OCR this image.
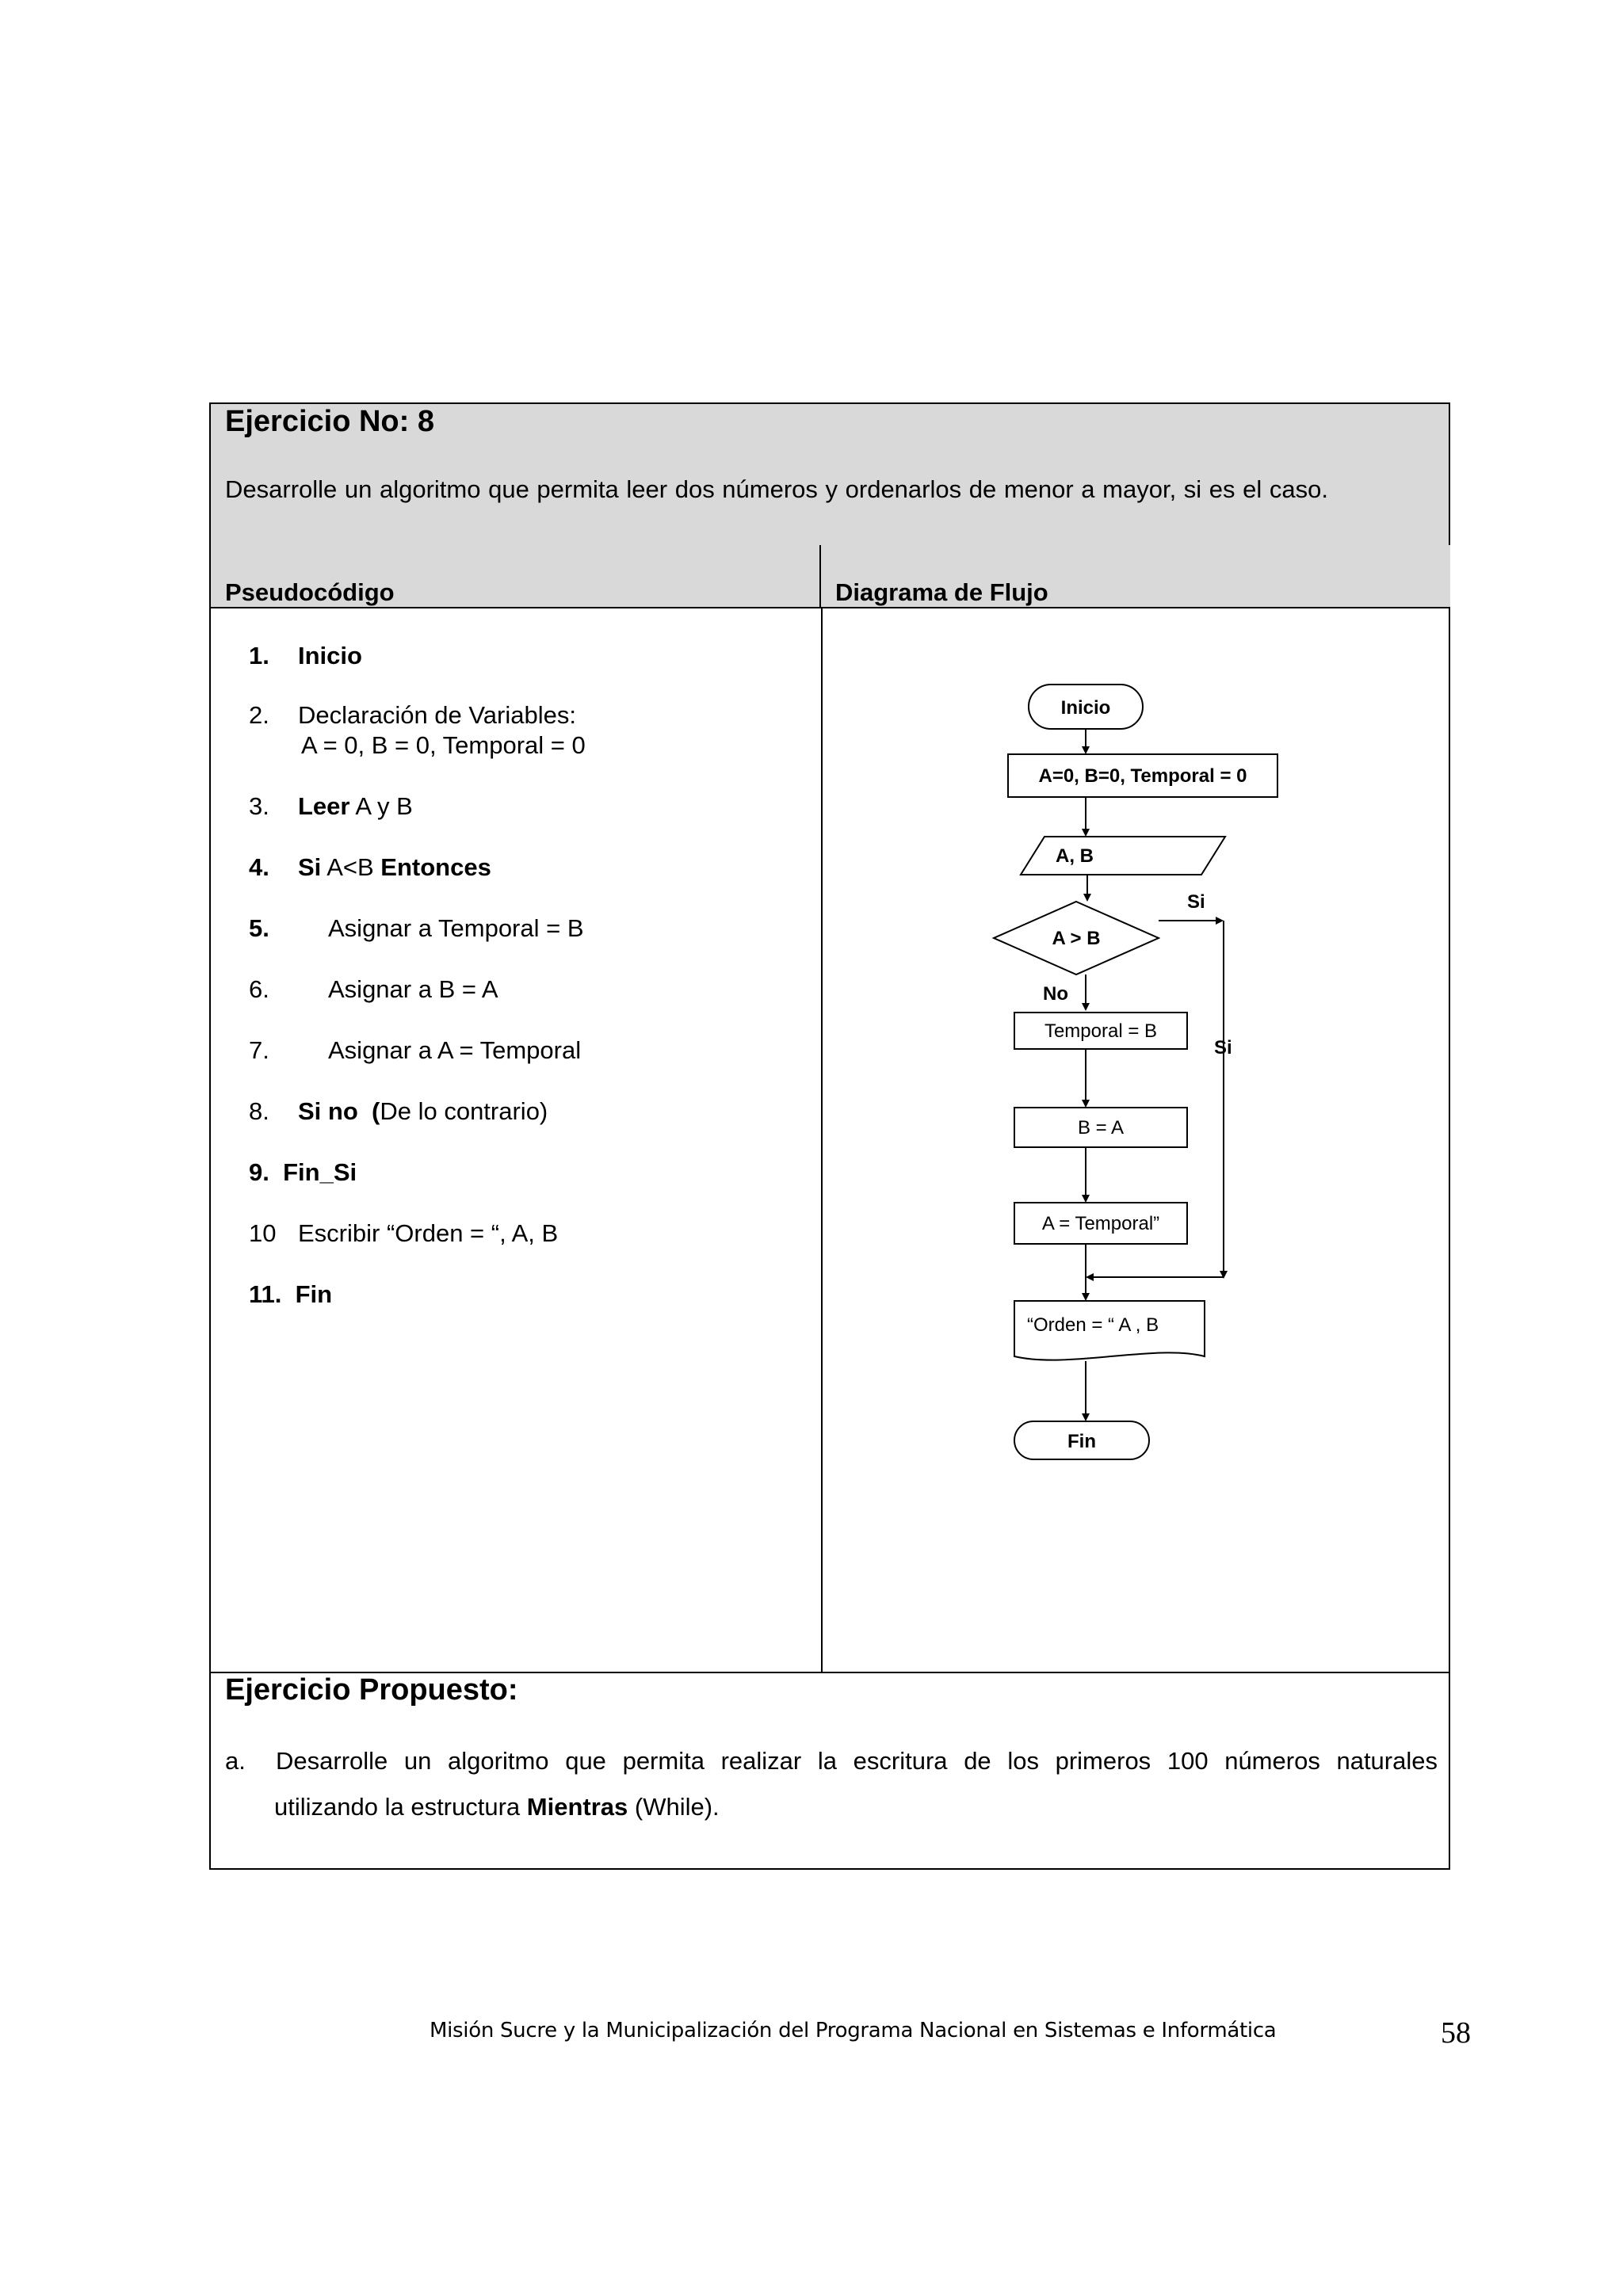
Ejercicio No: 8

Desarrolle un algoritmo que permita leer dos números y ordenarlos de menor a mayor, si es el caso.

Pseudocódigo	Diagrama de Flujo
1. Inicio
2. Declaración de Variables:
A = 0, B = 0, Temporal = 0
3. Leer A y B
4. Si A<B Entonces
5. Asignar a Temporal = B
6. Asignar a B = A
7. Asignar a A = Temporal
8. Si no (De lo contrario)
9. Fin_Si
10 Escribir “Orden = “, A, B
11. Fin
Inicio
A=0, B=0, Temporal = 0
A, B
A > B
Si
No
Si
Temporal = B
B = A
A = Temporal”
“Orden = “ A , B
Fin
Ejercicio Propuesto:
a. Desarrolle un algoritmo que permita realizar la escritura de los primeros 100 números naturales
utilizando la estructura Mientras (While).
Misión Sucre y la Municipalización del Programa Nacional en Sistemas e Informática	58
